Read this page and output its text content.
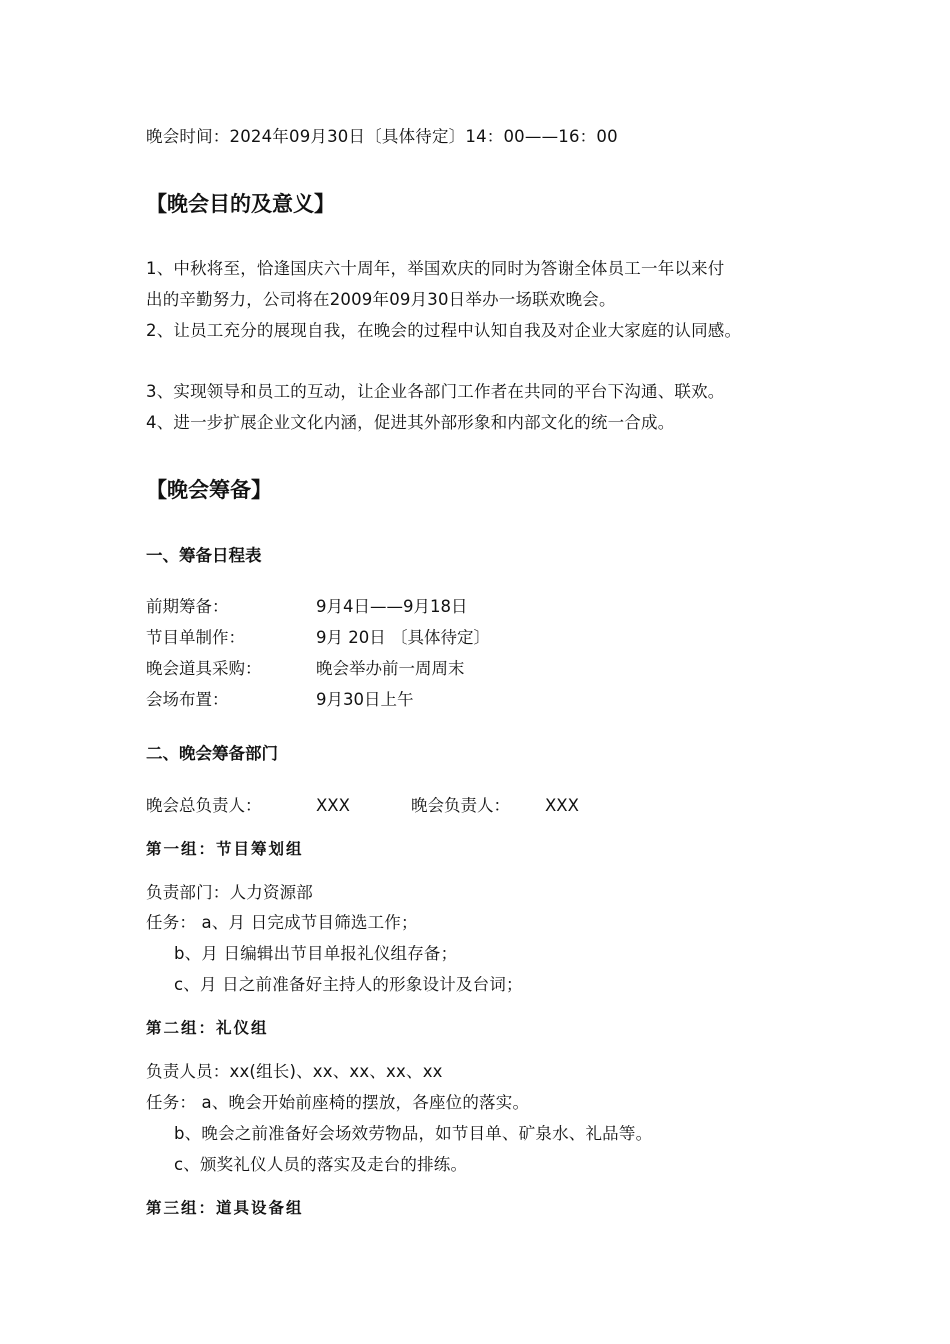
晚会时间：2024年09月30日〔具体待定〕14：00——16：00
【晚会目的及意义】
1、中秋将至，恰逢国庆六十周年，举国欢庆的同时为答谢全体员工一年以来付
出的辛勤努力，公司将在2009年09月30日举办一场联欢晚会。
2、让员工充分的展现自我，在晚会的过程中认知自我及对企业大家庭的认同感。
3、实现领导和员工的互动，让企业各部门工作者在共同的平台下沟通、联欢。
4、进一步扩展企业文化内涵，促进其外部形象和内部文化的统一合成。
【晚会筹备】
一、筹备日程表
前期筹备：	9月4日——9月18日
节目单制作：	9月 20日 〔具体待定〕
晚会道具采购：	晚会举办前一周周末
会场布置：	9月30日上午
二、晚会筹备部门
晚会总负责人：	XXX	晚会负责人： XXX
第一组：节目筹划组
负责部门：人力资源部
任务： a、月 日完成节目筛选工作；
b、月 日编辑出节目单报礼仪组存备；
c、月 日之前准备好主持人的形象设计及台词；
第二组：礼仪组
负责人员：xx(组长)、xx、xx、xx、xx
任务： a、晚会开始前座椅的摆放，各座位的落实。
b、晚会之前准备好会场效劳物品，如节目单、矿泉水、礼品等。
c、颁奖礼仪人员的落实及走台的排练。
第三组：道具设备组
